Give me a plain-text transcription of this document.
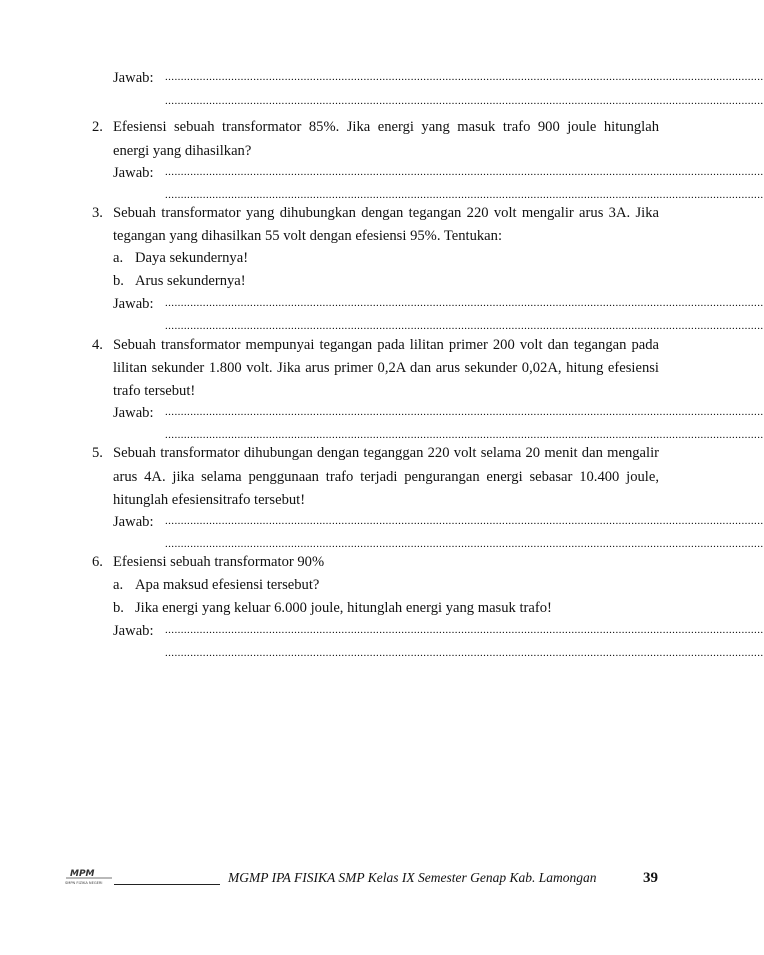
Jawab: ..............................................................................................................................................................................................
..............................................................................................................................................................................................
2. Efesiensi sebuah transformator 85%. Jika energi yang masuk trafo 900 joule hitunglah
energi yang dihasilkan?
Jawab: ..............................................................................................................................................................................................
..............................................................................................................................................................................................
3. Sebuah transformator yang dihubungkan dengan tegangan 220 volt mengalir arus 3A. Jika
tegangan yang dihasilkan 55 volt dengan efesiensi 95%. Tentukan:
a. Daya sekundernya!
b. Arus sekundernya!
Jawab: ..............................................................................................................................................................................................
..............................................................................................................................................................................................
4. Sebuah transformator mempunyai tegangan pada lilitan primer 200 volt dan tegangan pada
lilitan sekunder 1.800 volt. Jika arus primer 0,2A dan arus sekunder 0,02A, hitung efesiensi
trafo tersebut!
Jawab: ..............................................................................................................................................................................................
..............................................................................................................................................................................................
5. Sebuah transformator dihubungan dengan teganggan 220 volt selama 20 menit dan mengalir
arus 4A. jika selama penggunaan trafo terjadi pengurangan energi sebasar 10.400 joule,
hitunglah efesiensitrafo tersebut!
Jawab: ..............................................................................................................................................................................................
..............................................................................................................................................................................................
6. Efesiensi sebuah transformator 90%
a. Apa maksud efesiensi tersebut?
b. Jika energi yang keluar 6.000 joule, hitunglah energi yang masuk trafo!
Jawab: ..............................................................................................................................................................................................
..............................................................................................................................................................................................
MPM
SMPN FIZIKA NEGERI	MGMP IPA FISIKA SMP Kelas IX Semester Genap Kab. Lamongan	39
